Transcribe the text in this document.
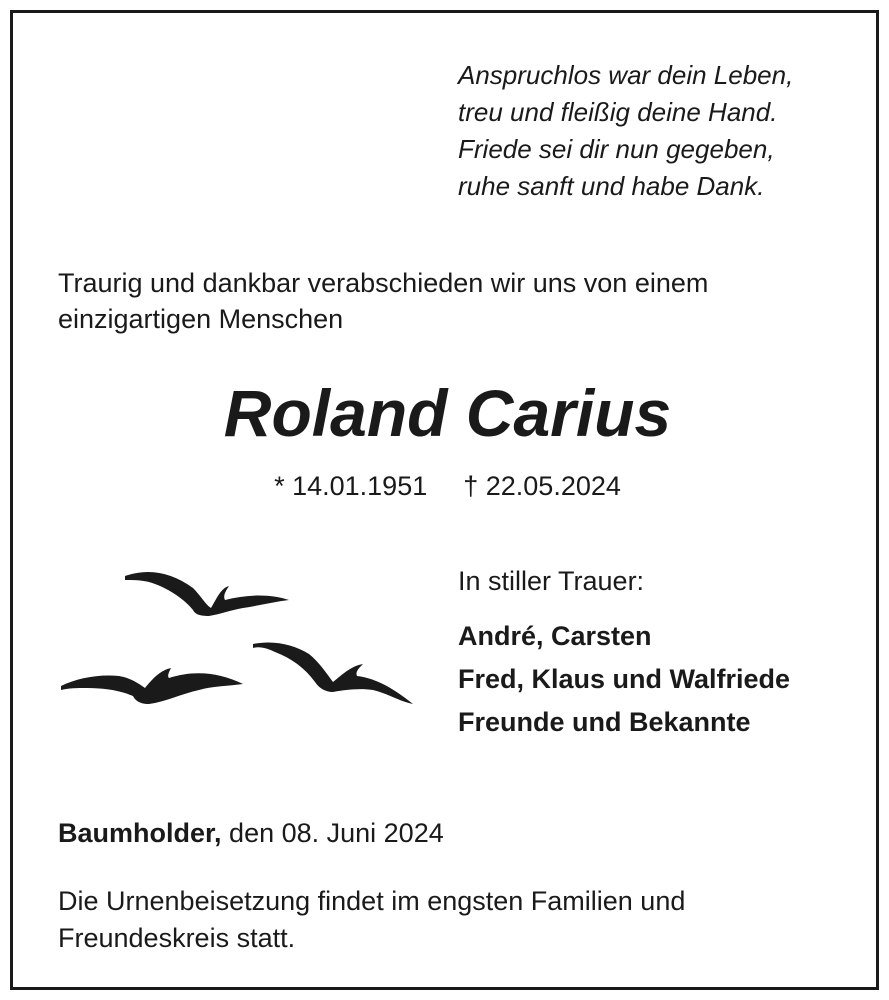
Anspruchlos war dein Leben,
treu und fleißig deine Hand.
Friede sei dir nun gegeben,
ruhe sanft und habe Dank.
Traurig und dankbar verabschieden wir uns von einem
einzigartigen Menschen
Roland Carius
* 14.01.1951 † 22.05.2024
In stiller Trauer:
André, Carsten
Fred, Klaus und Walfriede
Freunde und Bekannte
Baumholder, den 08. Juni 2024
Die Urnenbeisetzung findet im engsten Familien und
Freundeskreis statt.
